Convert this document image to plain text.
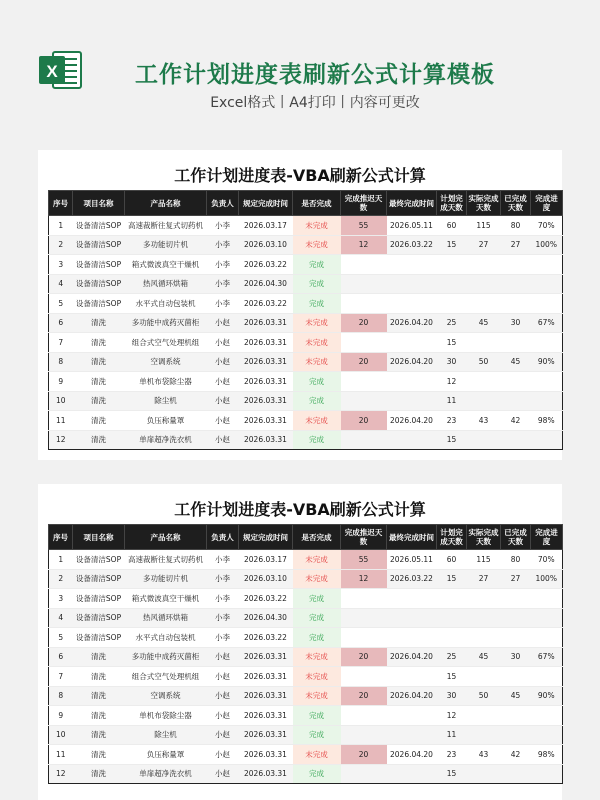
X	工作计划进度表刷新公式计算模板
Excel格式丨A4打印丨内容可更改
工作计划进度表-VBA刷新公式计算
序号	项目名称	产品名称	负责人	规定完成时间	是否完成	完成推迟天数	最终完成时间	计划完成天数	实际完成天数	已完成天数	完成进度
1	设备清洁SOP	高速裁断往复式切药机	小李	2026.03.17	未完成	55	2026.05.11	60	115	80	70%
2	设备清洁SOP	多功能切片机	小李	2026.03.10	未完成	12	2026.03.22	15	27	27	100%
3	设备清洁SOP	箱式微波真空干燥机	小李	2026.03.22	完成						
4	设备清洁SOP	热风循环烘箱	小李	2026.04.30	完成						
5	设备清洁SOP	水平式自动包装机	小李	2026.03.22	完成						
6	清洗	多功能中成药灭菌柜	小赵	2026.03.31	未完成	20	2026.04.20	25	45	30	67%
7	清洗	组合式空气处理机组	小赵	2026.03.31	未完成			15			
8	清洗	空调系统	小赵	2026.03.31	未完成	20	2026.04.20	30	50	45	90%
9	清洗	单机布袋除尘器	小赵	2026.03.31	完成			12			
10	清洗	除尘机	小赵	2026.03.31	完成			11			
11	清洗	负压称量罩	小赵	2026.03.31	未完成	20	2026.04.20	23	43	42	98%
12	清洗	单扉超净洗衣机	小赵	2026.03.31	完成			15			
工作计划进度表-VBA刷新公式计算
序号	项目名称	产品名称	负责人	规定完成时间	是否完成	完成推迟天数	最终完成时间	计划完成天数	实际完成天数	已完成天数	完成进度
1	设备清洁SOP	高速裁断往复式切药机	小李	2026.03.17	未完成	55	2026.05.11	60	115	80	70%
2	设备清洁SOP	多功能切片机	小李	2026.03.10	未完成	12	2026.03.22	15	27	27	100%
3	设备清洁SOP	箱式微波真空干燥机	小李	2026.03.22	完成						
4	设备清洁SOP	热风循环烘箱	小李	2026.04.30	完成						
5	设备清洁SOP	水平式自动包装机	小李	2026.03.22	完成						
6	清洗	多功能中成药灭菌柜	小赵	2026.03.31	未完成	20	2026.04.20	25	45	30	67%
7	清洗	组合式空气处理机组	小赵	2026.03.31	未完成			15			
8	清洗	空调系统	小赵	2026.03.31	未完成	20	2026.04.20	30	50	45	90%
9	清洗	单机布袋除尘器	小赵	2026.03.31	完成			12			
10	清洗	除尘机	小赵	2026.03.31	完成			11			
11	清洗	负压称量罩	小赵	2026.03.31	未完成	20	2026.04.20	23	43	42	98%
12	清洗	单扉超净洗衣机	小赵	2026.03.31	完成			15			
